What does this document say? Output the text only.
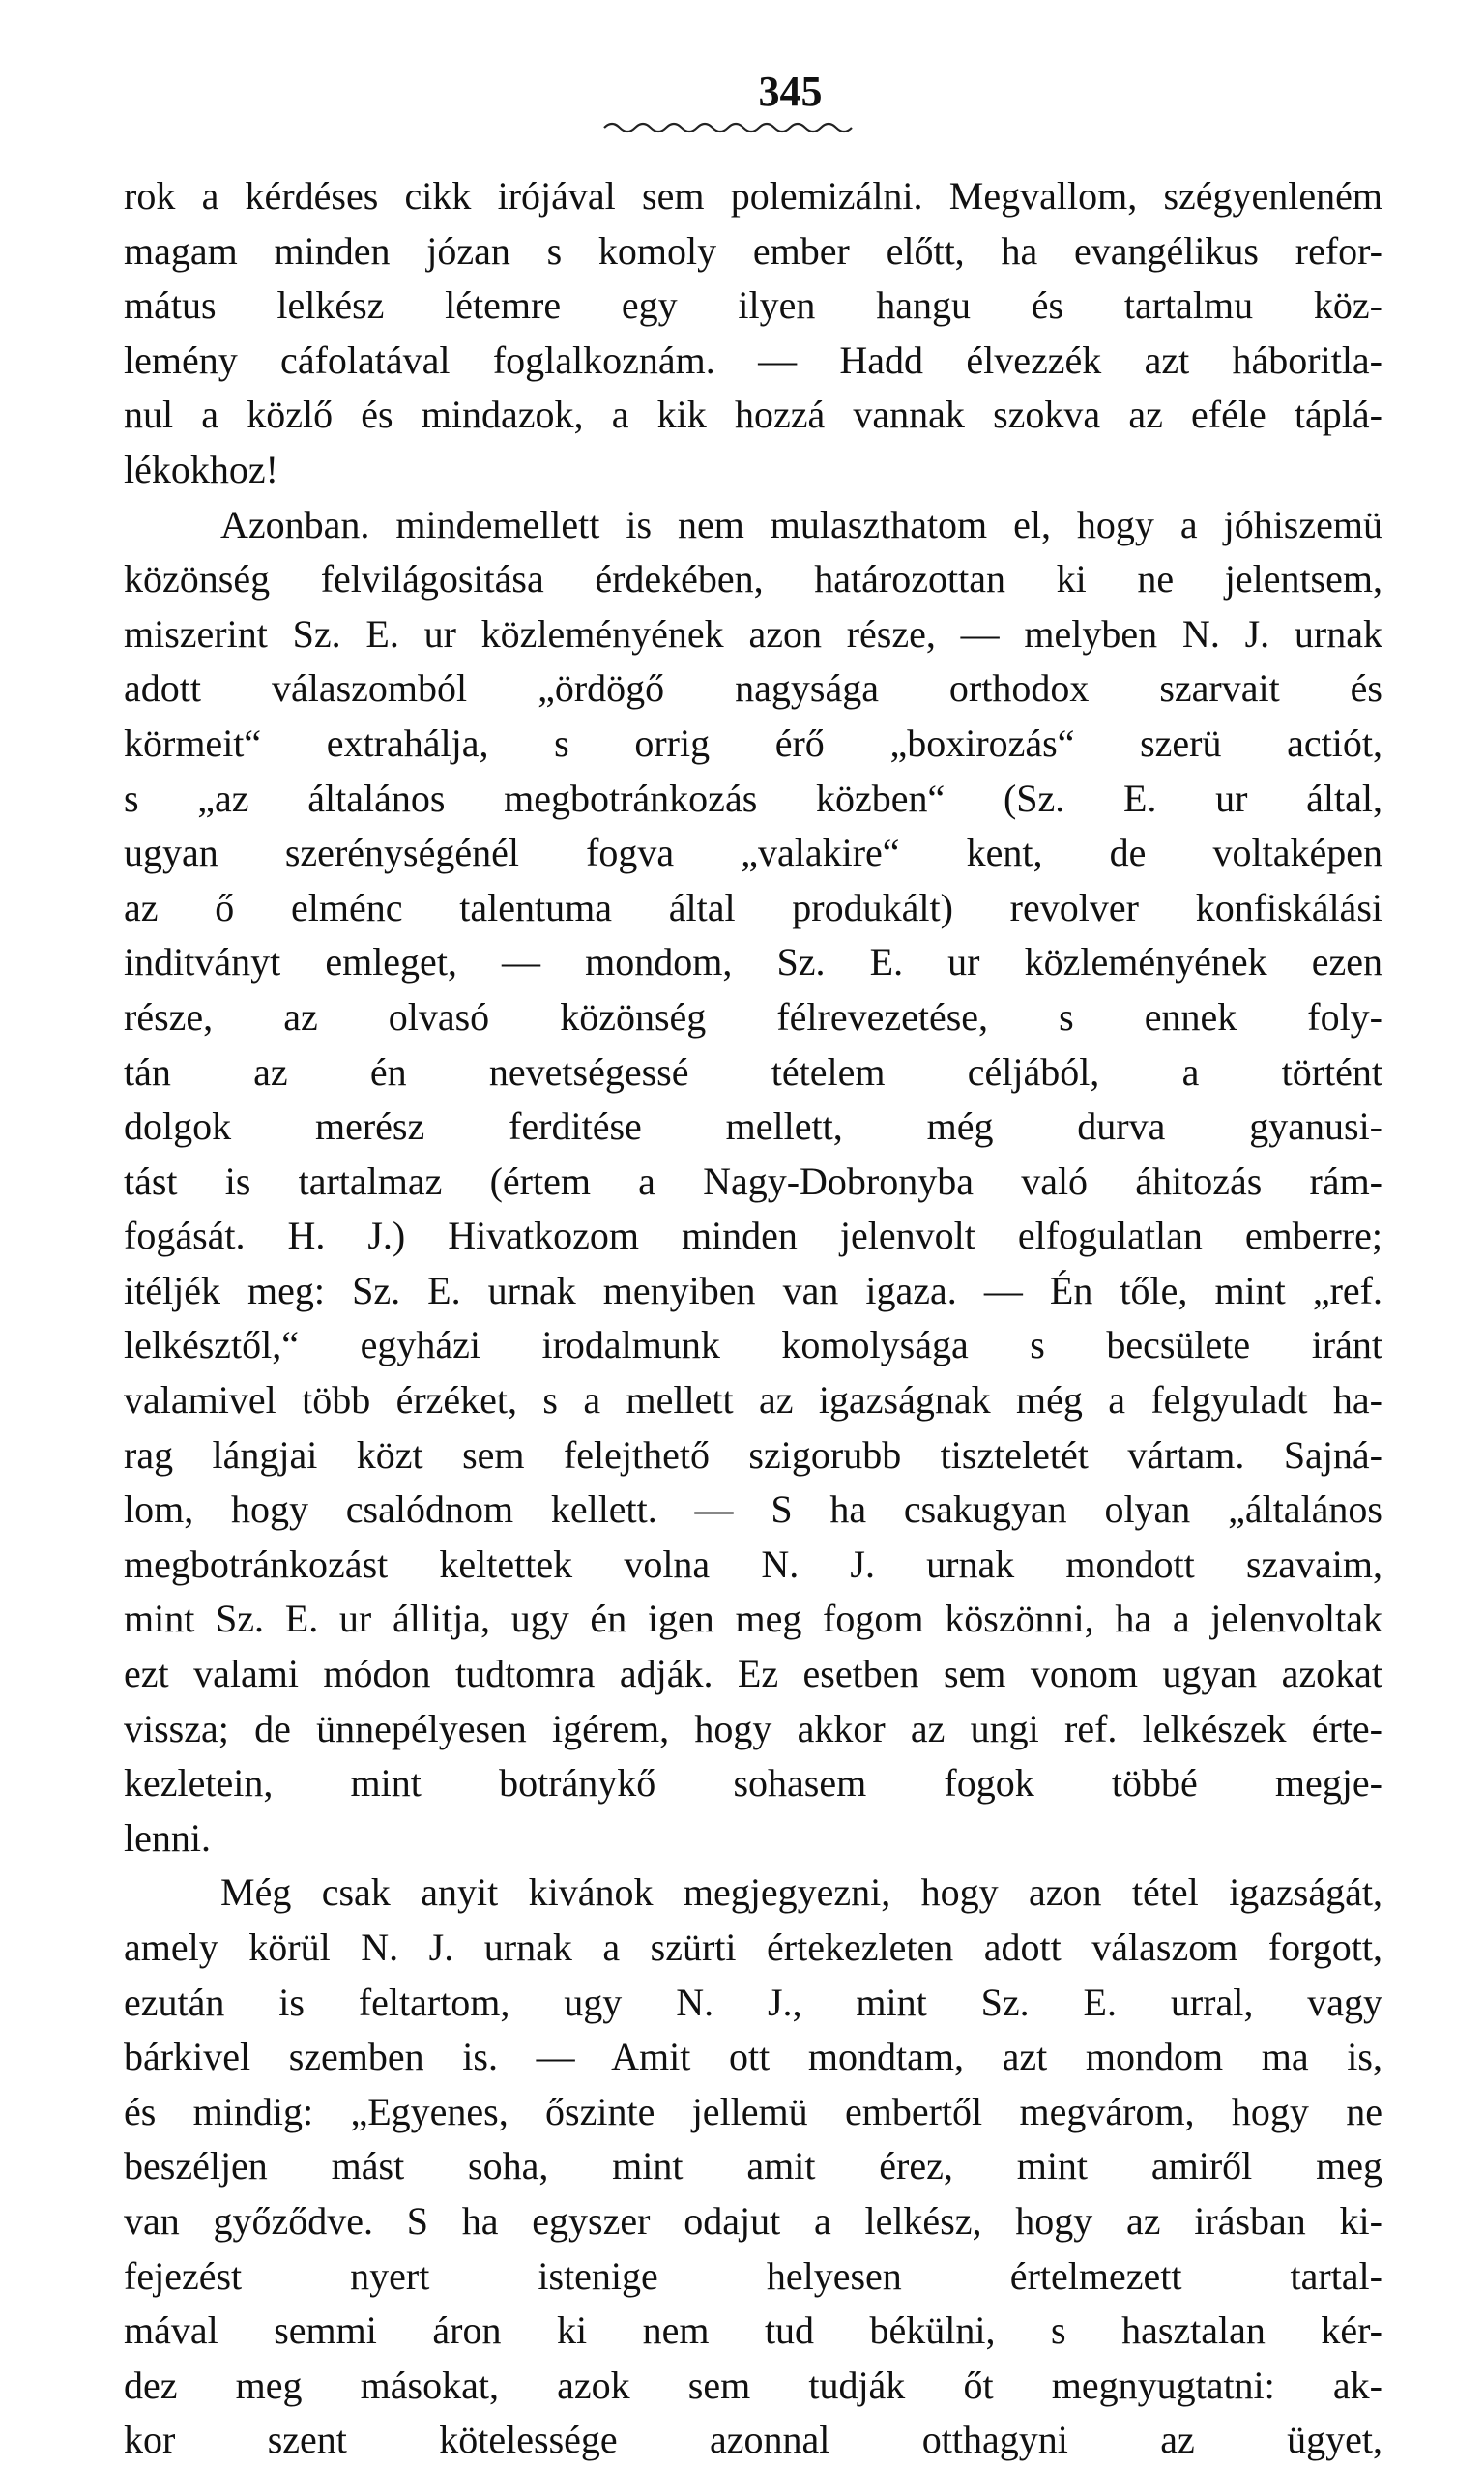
345
rok a kérdéses cikk irójával sem polemizálni. Megvallom, szégyenleném
magam minden józan s komoly ember előtt, ha evangélikus refor-
mátus lelkész létemre egy ilyen hangu és tartalmu köz-
lemény cáfolatával foglalkoznám. — Hadd élvezzék azt háboritla-
nul a közlő és mindazok, a kik hozzá vannak szokva az eféle táplá-
lékokhoz!
Azonban. mindemellett is nem mulaszthatom el, hogy a jóhiszemü
közönség felvilágositása érdekében, határozottan ki ne jelentsem,
miszerint Sz. E. ur közleményének azon része, — melyben N. J. urnak
adott válaszomból „ördögő nagysága orthodox szarvait és
körmeit“ extrahálja, s orrig érő „boxirozás“ szerü actiót,
s „az általános megbotránkozás közben“ (Sz. E. ur által,
ugyan szerénységénél fogva „valakire“ kent, de voltaképen
az ő elménc talentuma által produkált) revolver konfiskálási
inditványt emleget, — mondom, Sz. E. ur közleményének ezen
része, az olvasó közönség félrevezetése, s ennek foly-
tán az én nevetségessé tételem céljából, a történt
dolgok merész ferditése mellett, még durva gyanusi-
tást is tartalmaz (értem a Nagy-Dobronyba való áhitozás rám-
fogását. H. J.) Hivatkozom minden jelenvolt elfogulatlan emberre;
itéljék meg: Sz. E. urnak menyiben van igaza. — Én tőle, mint „ref.
lelkésztől,“ egyházi irodalmunk komolysága s becsülete iránt
valamivel több érzéket, s a mellett az igazságnak még a felgyuladt ha-
rag lángjai közt sem felejthető szigorubb tiszteletét vártam. Sajná-
lom, hogy csalódnom kellett. — S ha csakugyan olyan „általános
megbotránkozást keltettek volna N. J. urnak mondott szavaim,
mint Sz. E. ur állitja, ugy én igen meg fogom köszönni, ha a jelenvoltak
ezt valami módon tudtomra adják. Ez esetben sem vonom ugyan azokat
vissza; de ünnepélyesen igérem, hogy akkor az ungi ref. lelkészek érte-
kezletein, mint botránykő sohasem fogok többé megje-
lenni.
Még csak anyit kivánok megjegyezni, hogy azon tétel igazságát,
amely körül N. J. urnak a szürti értekezleten adott válaszom forgott,
ezután is feltartom, ugy N. J., mint Sz. E. urral, vagy
bárkivel szemben is. — Amit ott mondtam, azt mondom ma is,
és mindig: „Egyenes, őszinte jellemü embertől megvárom, hogy ne
beszéljen mást soha, mint amit érez, mint amiről meg
van győződve. S ha egyszer odajut a lelkész, hogy az irásban ki-
fejezést nyert istenige helyesen értelmezett tartal-
mával semmi áron ki nem tud békülni, s hasztalan kér-
dez meg másokat, azok sem tudják őt megnyugtatni: ak-
kor szent kötelessége azonnal otthagyni az ügyet,
